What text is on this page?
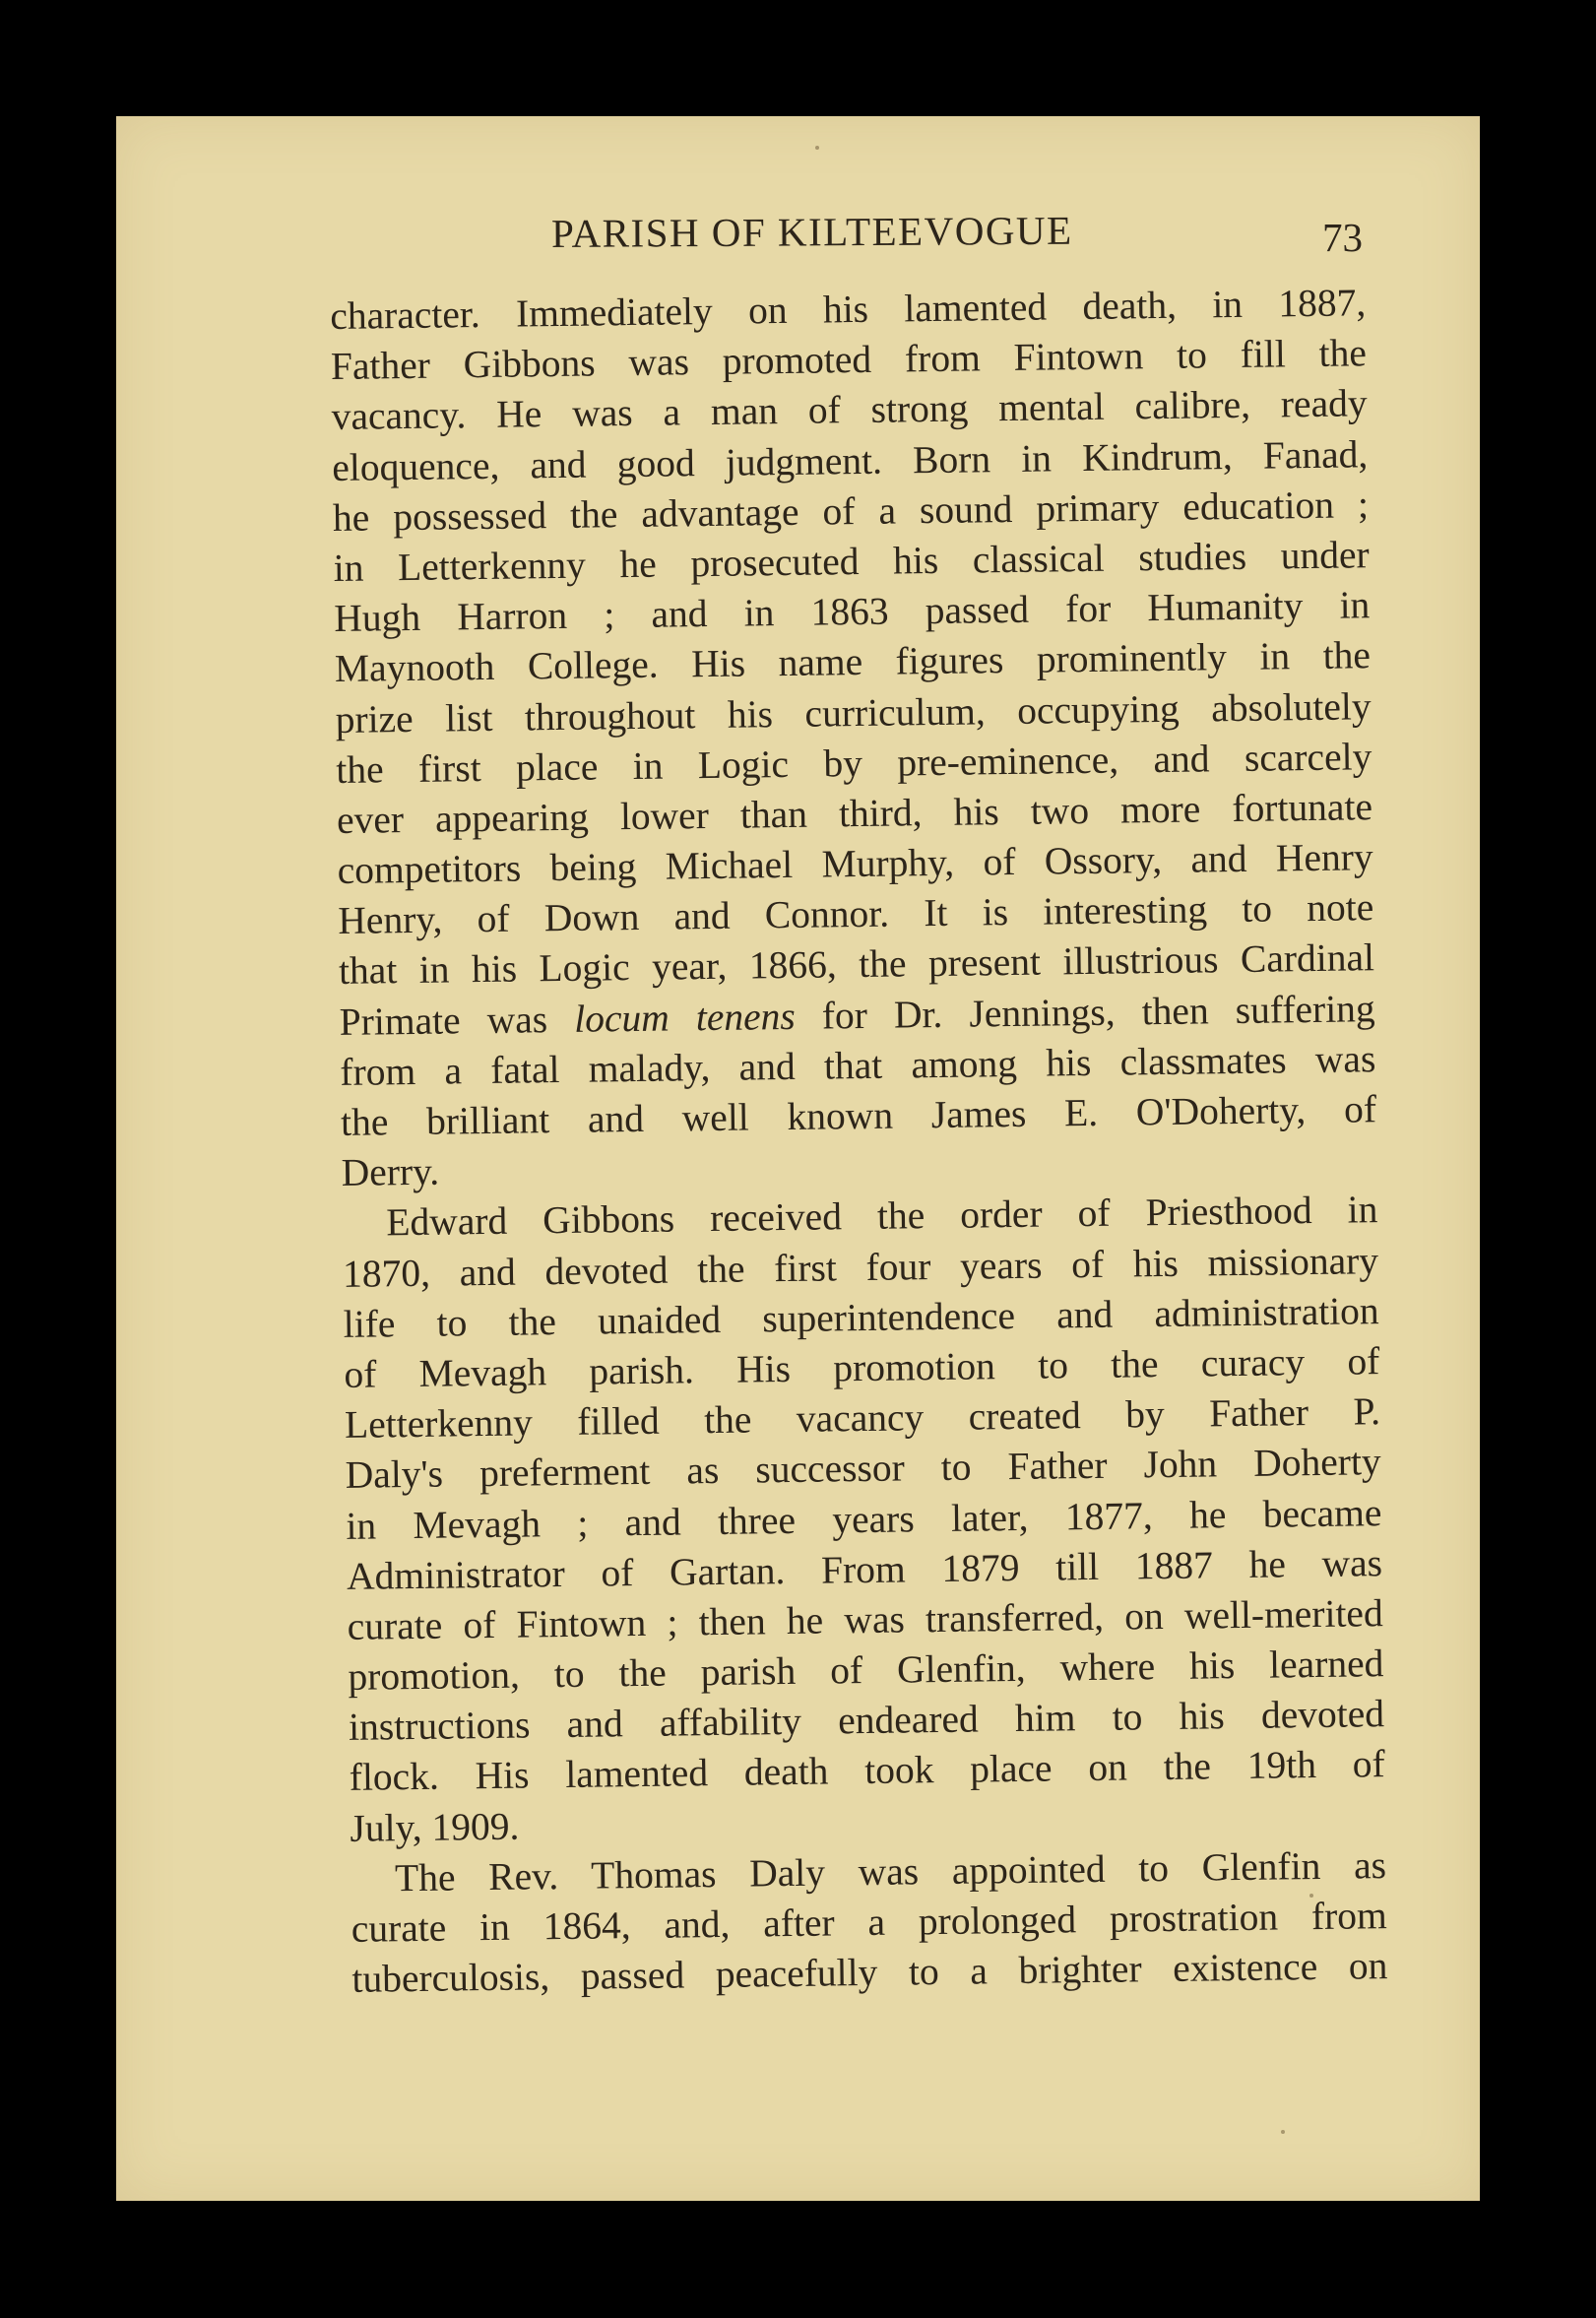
PARISH OF KILTEEVOGUE	73
character. Immediately on his lamented death, in 1887,
Father Gibbons was promoted from Fintown to fill the
vacancy. He was a man of strong mental calibre, ready
eloquence, and good judgment. Born in Kindrum, Fanad,
he possessed the advantage of a sound primary education ;
in Letterkenny he prosecuted his classical studies under
Hugh Harron ; and in 1863 passed for Humanity in
Maynooth College. His name figures prominently in the
prize list throughout his curriculum, occupying absolutely
the first place in Logic by pre-eminence, and scarcely
ever appearing lower than third, his two more fortunate
competitors being Michael Murphy, of Ossory, and Henry
Henry, of Down and Connor. It is interesting to note
that in his Logic year, 1866, the present illustrious Cardinal
Primate was locum tenens for Dr. Jennings, then suffering
from a fatal malady, and that among his classmates was
the brilliant and well known James E. O'Doherty, of
Derry.
Edward Gibbons received the order of Priesthood in
1870, and devoted the first four years of his missionary
life to the unaided superintendence and administration
of Mevagh parish. His promotion to the curacy of
Letterkenny filled the vacancy created by Father P.
Daly's preferment as successor to Father John Doherty
in Mevagh ; and three years later, 1877, he became
Administrator of Gartan. From 1879 till 1887 he was
curate of Fintown ; then he was transferred, on well-merited
promotion, to the parish of Glenfin, where his learned
instructions and affability endeared him to his devoted
flock. His lamented death took place on the 19th of
July, 1909.
The Rev. Thomas Daly was appointed to Glenfin as
curate in 1864, and, after a prolonged prostration from
tuberculosis, passed peacefully to a brighter existence on
